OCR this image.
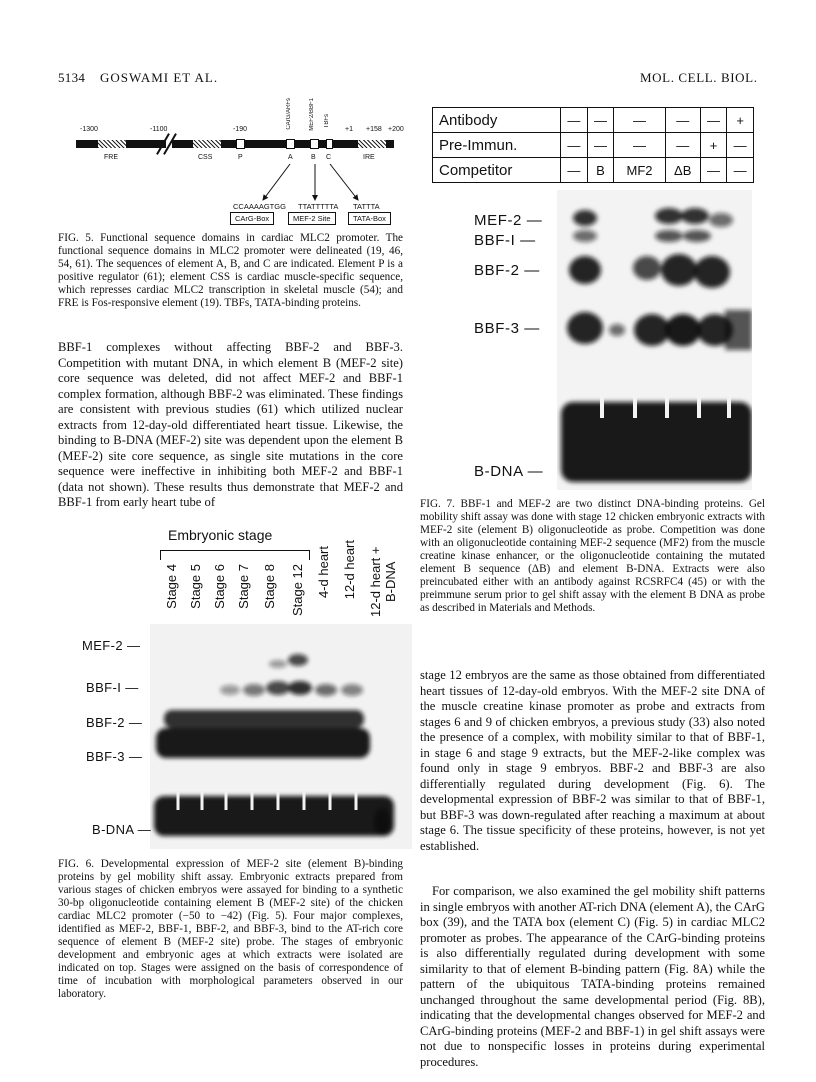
5134 GOSWAMI ET AL.	MOL. CELL. BIOL.
-1300	-1100	-190	+1 +158 +200
CArG/ARFs	MEF2/BBF1 TBFs
FRE	CSS	P	A	B C	IRE
CCAAAAGTGG TTATTTTTA TATTTA
CArG-Box	MEF-2 Site	TATA-Box
FIG. 5. Functional sequence domains in cardiac MLC2 promoter. The functional sequence domains in MLC2 promoter were delineated (19, 46, 54, 61). The sequences of element A, B, and C are indicated. Element P is a positive regulator (61); element CSS is cardiac muscle-specific sequence, which represses cardiac MLC2 transcription in skeletal muscle (54); and FRE is Fos-responsive element (19). TBFs, TATA-binding proteins.
BBF-1 complexes without affecting BBF-2 and BBF-3. Competition with mutant DNA, in which element B (MEF-2 site) core sequence was deleted, did not affect MEF-2 and BBF-1 complex formation, although BBF-2 was eliminated. These findings are consistent with previous studies (61) which utilized nuclear extracts from 12-day-old differentiated heart tissue. Likewise, the binding to B-DNA (MEF-2) site was dependent upon the element B (MEF-2) site core sequence, as single site mutations in the core sequence were ineffective in inhibiting both MEF-2 and BBF-1 (data not shown). These results thus demonstrate that MEF-2 and BBF-1 from early heart tube of
Embryonic stage
Stage 4 Stage 5 Stage 6 Stage 7 Stage 8 Stage 12 4-d heart 12-d heart 12-d heart + B-DNA
MEF-2 —
BBF-I —
BBF-2 —
BBF-3 —
B-DNA —
FIG. 6. Developmental expression of MEF-2 site (element B)-binding proteins by gel mobility shift assay. Embryonic extracts prepared from various stages of chicken embryos were assayed for binding to a synthetic 30-bp oligonucleotide containing element B (MEF-2 site) of the chicken cardiac MLC2 promoter (−50 to −42) (Fig. 5). Four major complexes, identified as MEF-2, BBF-1, BBF-2, and BBF-3, bind to the AT-rich core sequence of element B (MEF-2 site) probe. The stages of embryonic development and embryonic ages at which extracts were isolated are indicated on top. Stages were assigned on the basis of correspondence of time of incubation with morphological parameters observed in our laboratory.
Antibody	—	—	—	—	—	+
Pre-Immun.	—	—	—	—	+	—
Competitor	—	B	MF2	ΔB	—	—
MEF-2 —
BBF-I —
BBF-2 —
BBF-3 —
B-DNA —
FIG. 7. BBF-1 and MEF-2 are two distinct DNA-binding proteins. Gel mobility shift assay was done with stage 12 chicken embryonic extracts with MEF-2 site (element B) oligonucleotide as probe. Competition was done with an oligonucleotide containing MEF-2 sequence (MF2) from the muscle creatine kinase enhancer, or the oligonucleotide containing the mutated element B sequence (ΔB) and element B-DNA. Extracts were also preincubated either with an antibody against RCSRFC4 (45) or with the preimmune serum prior to gel shift assay with the element B DNA as probe as described in Materials and Methods.
stage 12 embryos are the same as those obtained from differentiated heart tissues of 12-day-old embryos. With the MEF-2 site DNA of the muscle creatine kinase promoter as probe and extracts from stages 6 and 9 of chicken embryos, a previous study (33) also noted the presence of a complex, with mobility similar to that of BBF-1, in stage 6 and stage 9 extracts, but the MEF-2-like complex was found only in stage 9 embryos. BBF-2 and BBF-3 are also differentially regulated during development (Fig. 6). The developmental expression of BBF-2 was similar to that of BBF-1, but BBF-3 was down-regulated after reaching a maximum at about stage 6. The tissue specificity of these proteins, however, is not yet established.
For comparison, we also examined the gel mobility shift patterns in single embryos with another AT-rich DNA (element A), the CArG box (39), and the TATA box (element C) (Fig. 5) in cardiac MLC2 promoter as probes. The appearance of the CArG-binding proteins is also differentially regulated during development with some similarity to that of element B-binding pattern (Fig. 8A) while the pattern of the ubiquitous TATA-binding proteins remained unchanged throughout the same developmental period (Fig. 8B), indicating that the developmental changes observed for MEF-2 and CArG-binding proteins (MEF-2 and BBF-1) in gel shift assays were not due to nonspecific losses in proteins during experimental procedures.
